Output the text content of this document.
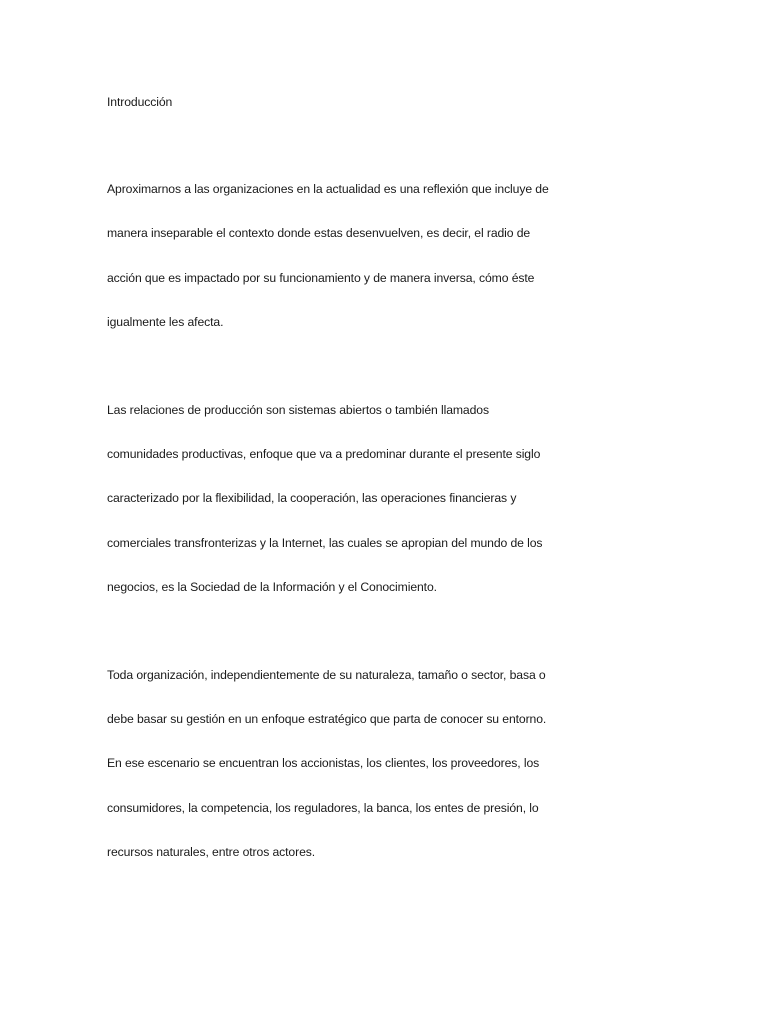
Introducción
Aproximarnos a las organizaciones en la actualidad es una reflexión que incluye de
manera inseparable el contexto donde estas desenvuelven, es decir, el radio de
acción que es impactado por su funcionamiento y de manera inversa, cómo éste
igualmente les afecta.
Las relaciones de producción son sistemas abiertos o también llamados
comunidades productivas, enfoque que va a predominar durante el presente siglo
caracterizado por la flexibilidad, la cooperación, las operaciones financieras y
comerciales transfronterizas y la Internet, las cuales se apropian del mundo de los
negocios, es la Sociedad de la Información y el Conocimiento.
Toda organización, independientemente de su naturaleza, tamaño o sector, basa o
debe basar su gestión en un enfoque estratégico que parta de conocer su entorno.
En ese escenario se encuentran los accionistas, los clientes, los proveedores, los
consumidores, la competencia, los reguladores, la banca, los entes de presión, lo
recursos naturales, entre otros actores.
